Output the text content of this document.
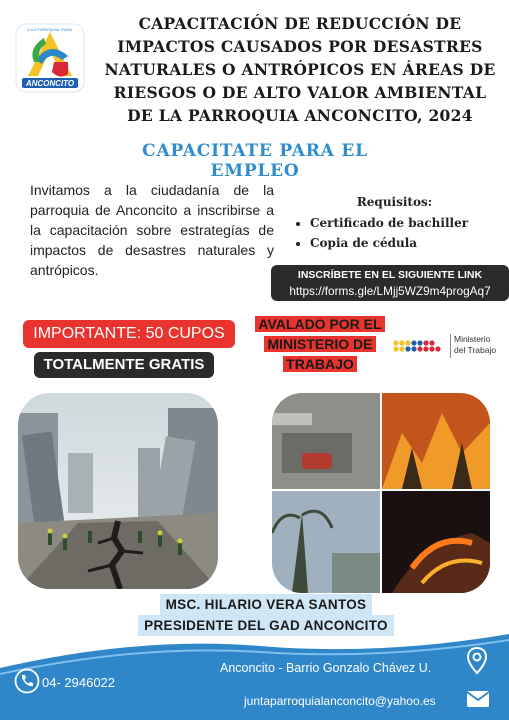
ANCONCITO
G.A.D PARROQUIAL RURAL	CAPACITACIÓN DE REDUCCIÓN DE IMPACTOS CAUSADOS POR DESASTRES NATURALES O ANTRÓPICOS EN ÁREAS DE RIESGOS O DE ALTO VALOR AMBIENTAL DE LA PARROQUIA ANCONCITO, 2024
CAPACITATE PARA EL EMPLEO
Invitamos a la ciudadanía de la parroquia de Anconcito a inscribirse a la capacitación sobre estrategías de impactos de desastres naturales y antrópicos.
Requisitos:
• Certificado de bachiller
• Copia de cédula
INSCRÍBETE EN EL SIGUIENTE LINK
https://forms.gle/LMjj5WZ9m4progAq7
IMPORTANTE: 50 CUPOS
TOTALMENTE GRATIS
AVALADO POR EL
MINISTERIO DE
TRABAJO
Ministerio
del Trabajo
MSC. HILARIO VERA SANTOS
PRESIDENTE DEL GAD ANCONCITO
04- 2946022
Anconcito - Barrio Gonzalo Chávez U.
juntaparroquialanconcito@yahoo.es
